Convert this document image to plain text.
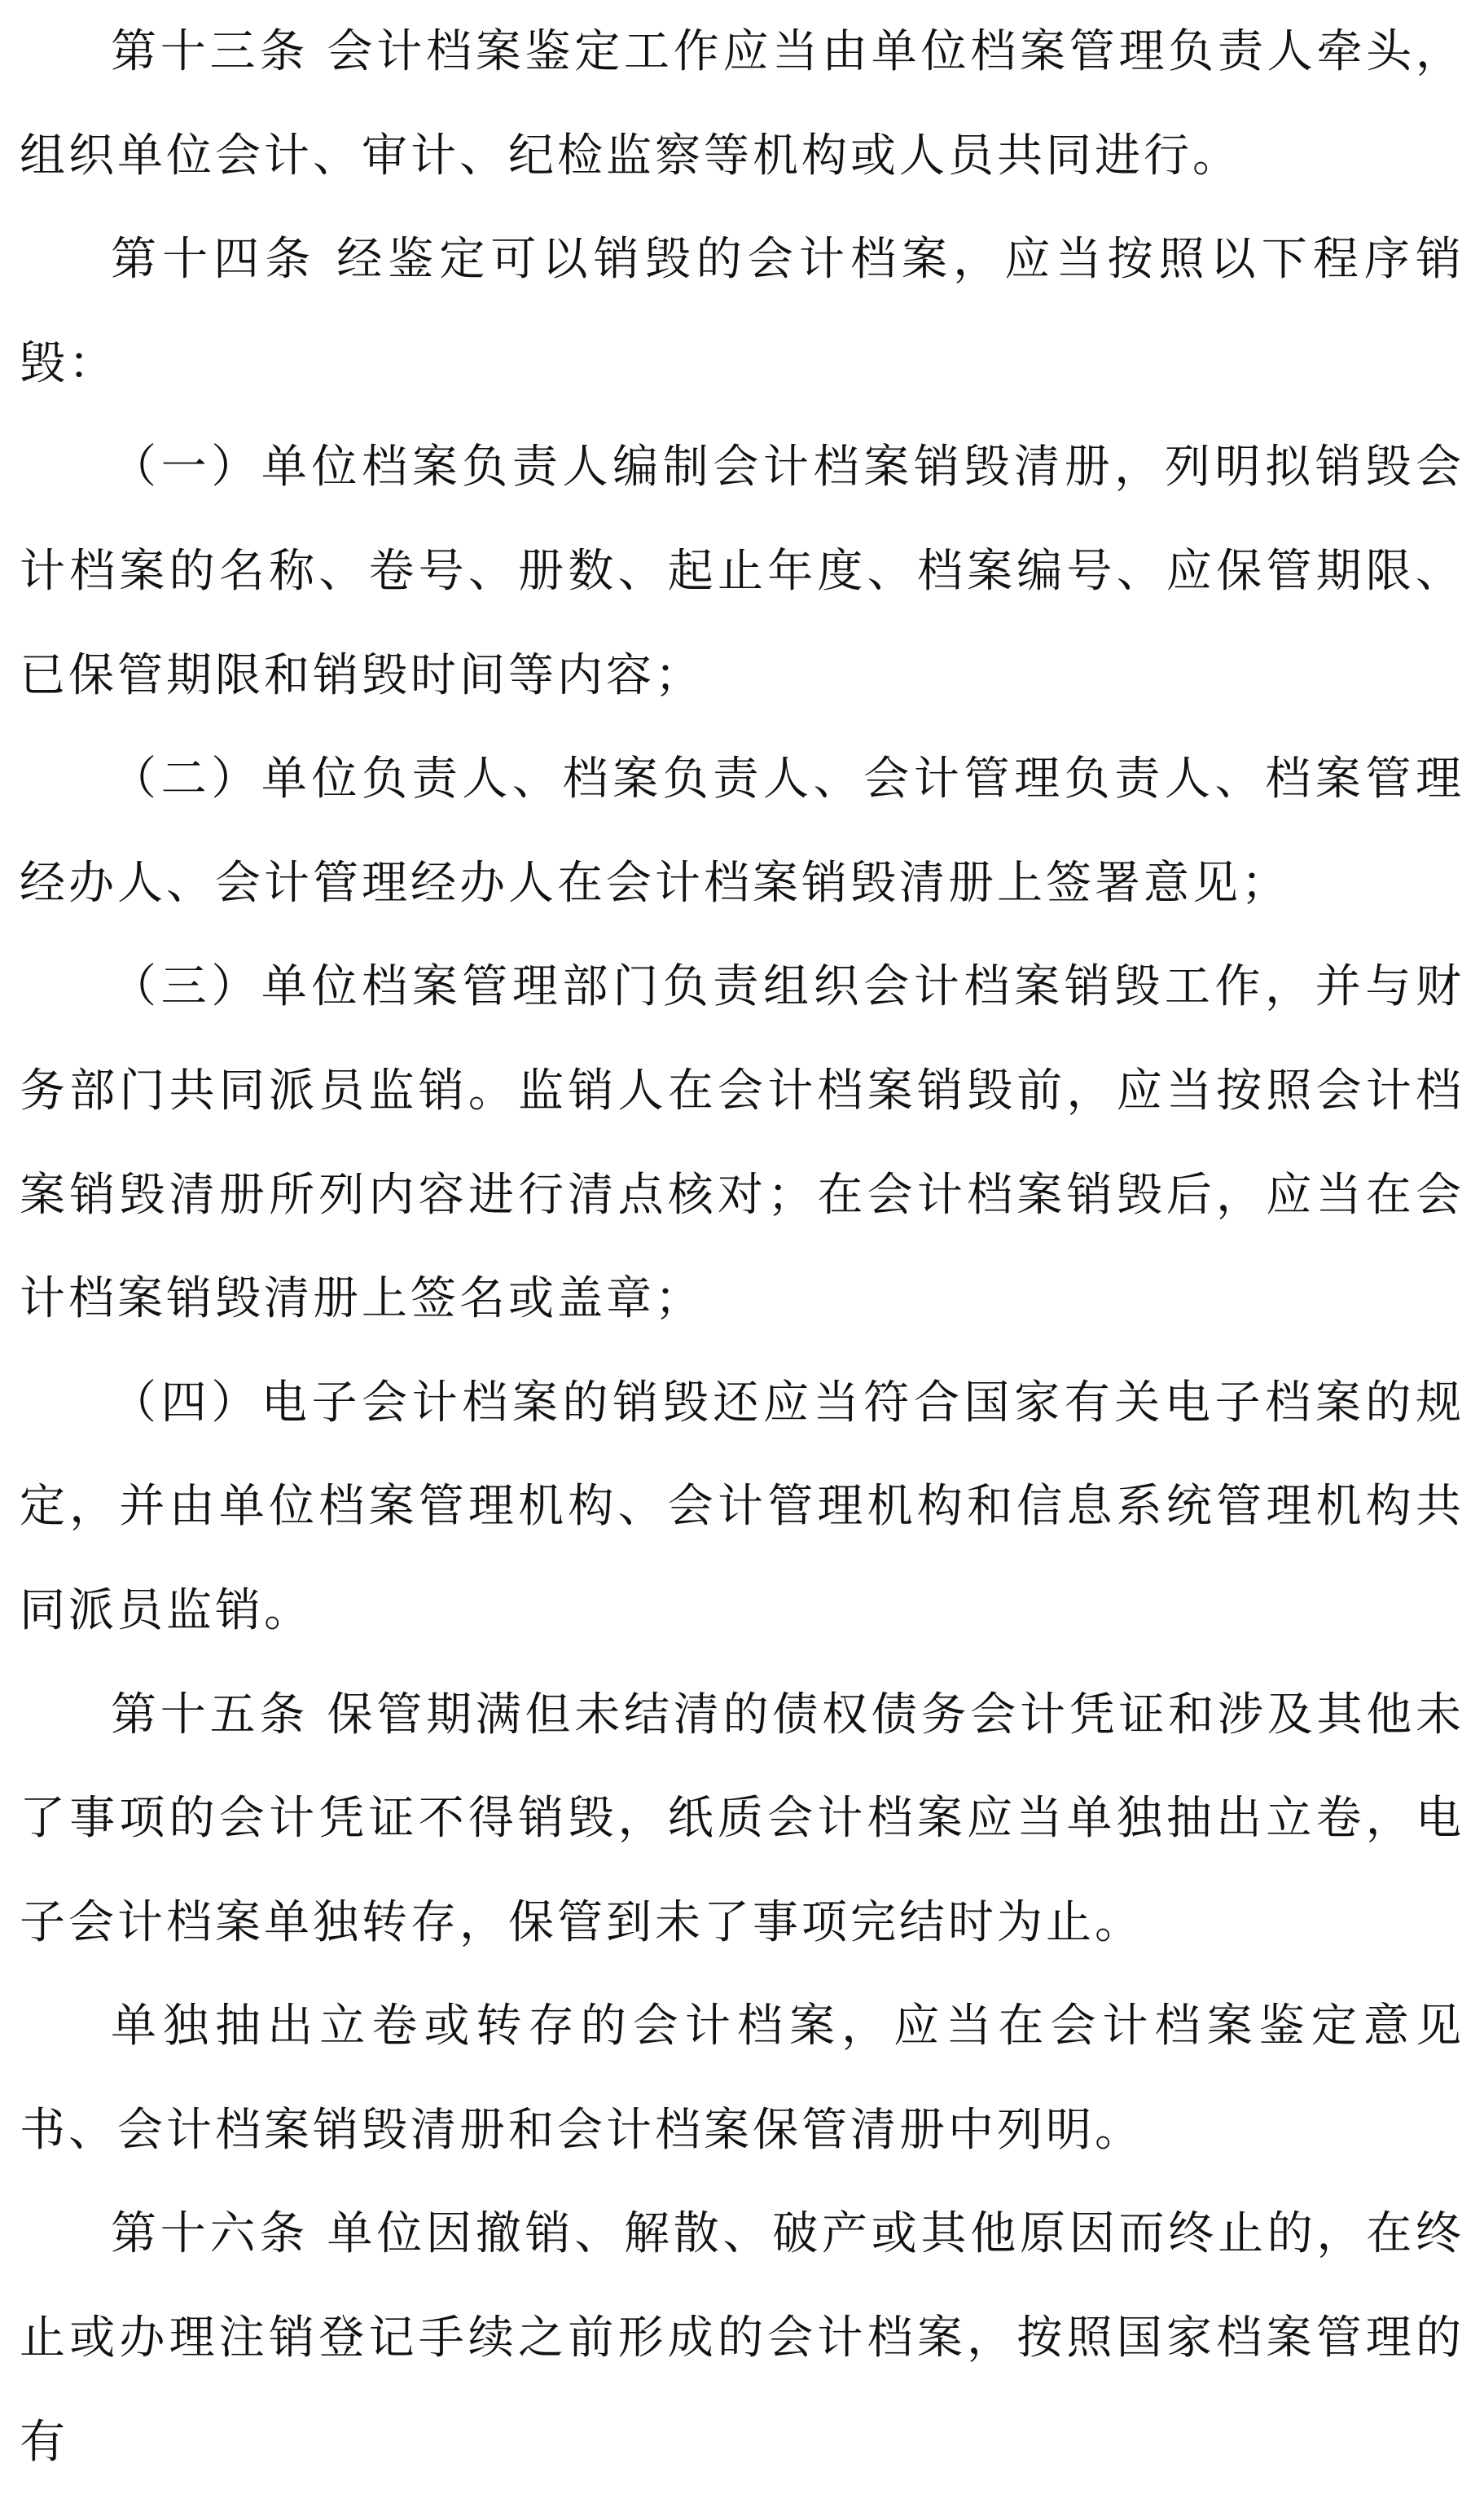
第十三条 会计档案鉴定工作应当由单位档案管理负责人牵头，组织单位会计、审计、纪检监察等机构或人员共同进行。

第十四条 经鉴定可以销毁的会计档案，应当按照以下程序销毁：

（一）单位档案负责人编制会计档案销毁清册，列明拟销毁会计档案的名称、卷号、册数、起止年度、档案编号、应保管期限、已保管期限和销毁时间等内容；

（二）单位负责人、档案负责人、会计管理负责人、档案管理经办人、会计管理经办人在会计档案销毁清册上签署意见；

（三）单位档案管理部门负责组织会计档案销毁工作，并与财务部门共同派员监销。监销人在会计档案销毁前，应当按照会计档案销毁清册所列内容进行清点核对；在会计档案销毁后，应当在会计档案销毁清册上签名或盖章；

（四）电子会计档案的销毁还应当符合国家有关电子档案的规定，并由单位档案管理机构、会计管理机构和信息系统管理机构共同派员监销。

第十五条 保管期满但未结清的债权债务会计凭证和涉及其他未了事项的会计凭证不得销毁，纸质会计档案应当单独抽出立卷，电子会计档案单独转存，保管到未了事项完结时为止。

单独抽出立卷或转存的会计档案，应当在会计档案鉴定意见书、会计档案销毁清册和会计档案保管清册中列明。

第十六条 单位因撤销、解散、破产或其他原因而终止的，在终止或办理注销登记手续之前形成的会计档案，按照国家档案管理的有
